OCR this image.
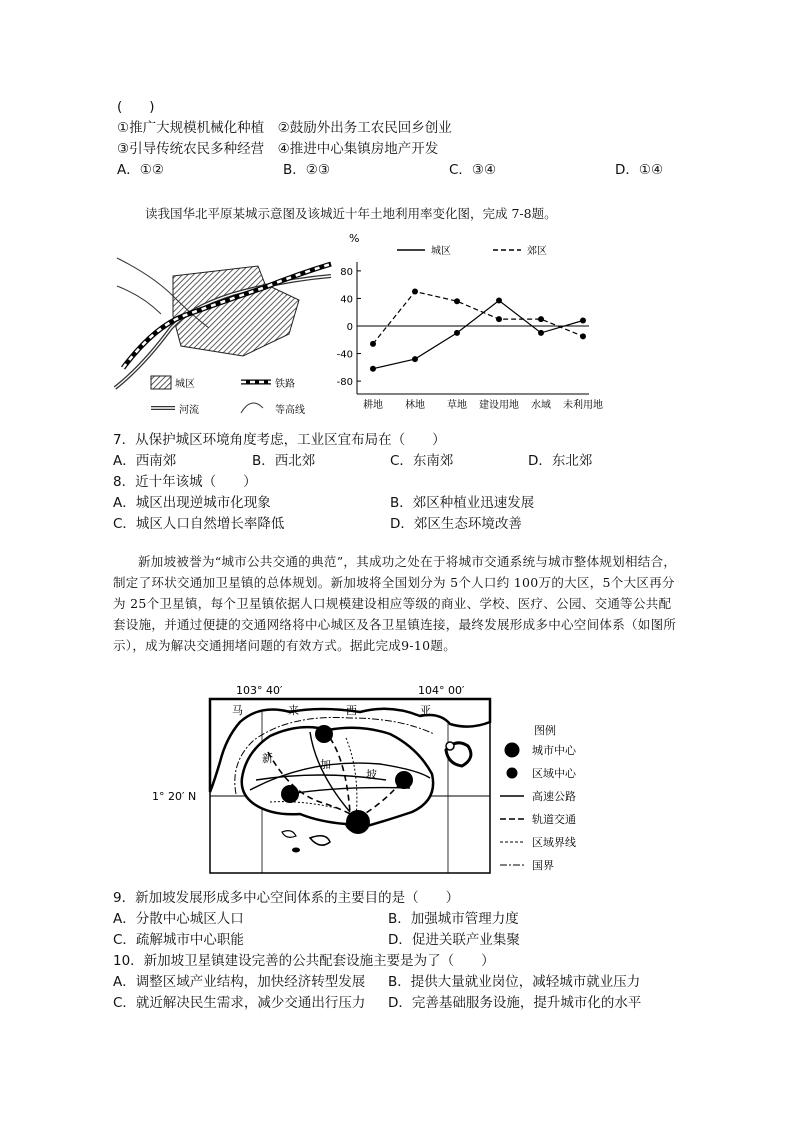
(　　)
①推广大规模机械化种植　②鼓励外出务工农民回乡创业
③引导传统农民多种经营　④推进中心集镇房地产开发
A．①②	B．②③	C．③④	D．①④
读我国华北平原某城示意图及该城近十年土地利用率变化图，完成 7-8题。
城区	铁路
河流	等高线
%
城区	郊区
80
40
0
-40
-80
耕地 林地 草地 建设用地 水域 未利用地
7．从保护城区环境角度考虑，工业区宜布局在（　　）
A．西南郊	B．西北郊	C．东南郊	D．东北郊
8．近十年该城（　　）
A．城区出现逆城市化现象	B．郊区种植业迅速发展
C．城区人口自然增长率降低	D．郊区生态环境改善
新加坡被誉为“城市公共交通的典范”，其成功之处在于将城市交通系统与城市整体规划相结合，制定了环状交通加卫星镇的总体规划。新加坡将全国划分为 5个人口约 100万的大区，5个大区再分为 25个卫星镇，每个卫星镇依据人口规模建设相应等级的商业、学校、医疗、公园、交通等公共配套设施，并通过便捷的交通网络将中心城区及各卫星镇连接，最终发展形成多中心空间体系（如图所示），成为解决交通拥堵问题的有效方式。据此完成9-10题。
103° 40′	104° 00′
1° 20′ N
马	来	西	亚
新	加
坡
图例
城市中心
区域中心
高速公路
轨道交通
区域界线
国界
9．新加坡发展形成多中心空间体系的主要目的是（　　）
A．分散中心城区人口	B．加强城市管理力度
C．疏解城市中心职能	D．促进关联产业集聚
10．新加坡卫星镇建设完善的公共配套设施主要是为了（　　）
A．调整区域产业结构，加快经济转型发展 B．提供大量就业岗位，减轻城市就业压力
C．就近解决民生需求，减少交通出行压力 D．完善基础服务设施，提升城市化的水平
